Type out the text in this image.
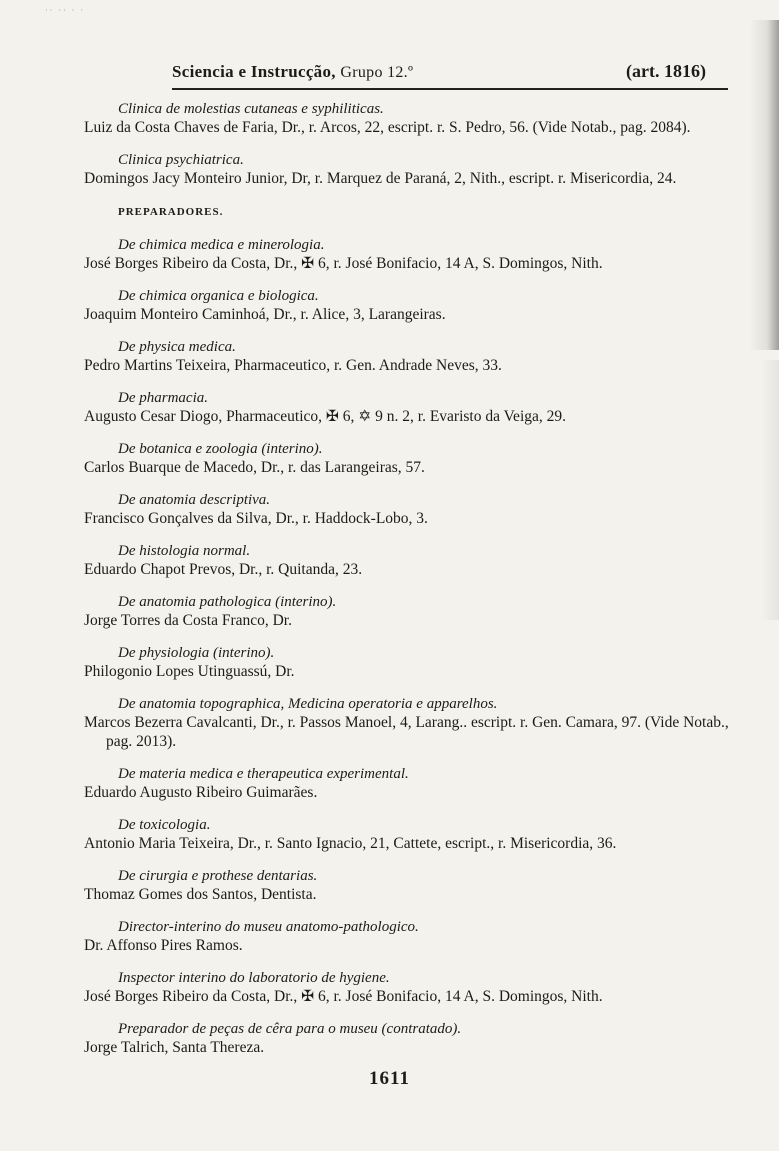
·· ·· · ·
Sciencia e Instrucção, Grupo 12.º	(art. 1816)
Clinica de molestias cutaneas e syphiliticas.
Luiz da Costa Chaves de Faria, Dr., r. Arcos, 22, escript. r. S. Pedro, 56. (Vide Notab., pag. 2084).
Clinica psychiatrica.
Domingos Jacy Monteiro Junior, Dr, r. Marquez de Paraná, 2, Nith., escript. r. Misericordia, 24.
PREPARADORES.
De chimica medica e minerologia.
José Borges Ribeiro da Costa, Dr., ✠ 6, r. José Bonifacio, 14 A, S. Domingos, Nith.
De chimica organica e biologica.
Joaquim Monteiro Caminhoá, Dr., r. Alice, 3, Larangeiras.
De physica medica.
Pedro Martins Teixeira, Pharmaceutico, r. Gen. Andrade Neves, 33.
De pharmacia.
Augusto Cesar Diogo, Pharmaceutico, ✠ 6, ✡ 9 n. 2, r. Evaristo da Veiga, 29.
De botanica e zoologia (interino).
Carlos Buarque de Macedo, Dr., r. das Larangeiras, 57.
De anatomia descriptiva.
Francisco Gonçalves da Silva, Dr., r. Haddock-Lobo, 3.
De histologia normal.
Eduardo Chapot Prevos, Dr., r. Quitanda, 23.
De anatomia pathologica (interino).
Jorge Torres da Costa Franco, Dr.
De physiologia (interino).
Philogonio Lopes Utinguassú, Dr.
De anatomia topographica, Medicina operatoria e apparelhos.
Marcos Bezerra Cavalcanti, Dr., r. Passos Manoel, 4, Larang.. escript. r. Gen. Camara, 97. (Vide Notab., pag. 2013).
De materia medica e therapeutica experimental.
Eduardo Augusto Ribeiro Guimarães.
De toxicologia.
Antonio Maria Teixeira, Dr., r. Santo Ignacio, 21, Cattete, escript., r. Misericordia, 36.
De cirurgia e prothese dentarias.
Thomaz Gomes dos Santos, Dentista.
Director-interino do museu anatomo-pathologico.
Dr. Affonso Pires Ramos.
Inspector interino do laboratorio de hygiene.
José Borges Ribeiro da Costa, Dr., ✠ 6, r. José Bonifacio, 14 A, S. Domingos, Nith.
Preparador de peças de cêra para o museu (contratado).
Jorge Talrich, Santa Thereza.
1611
